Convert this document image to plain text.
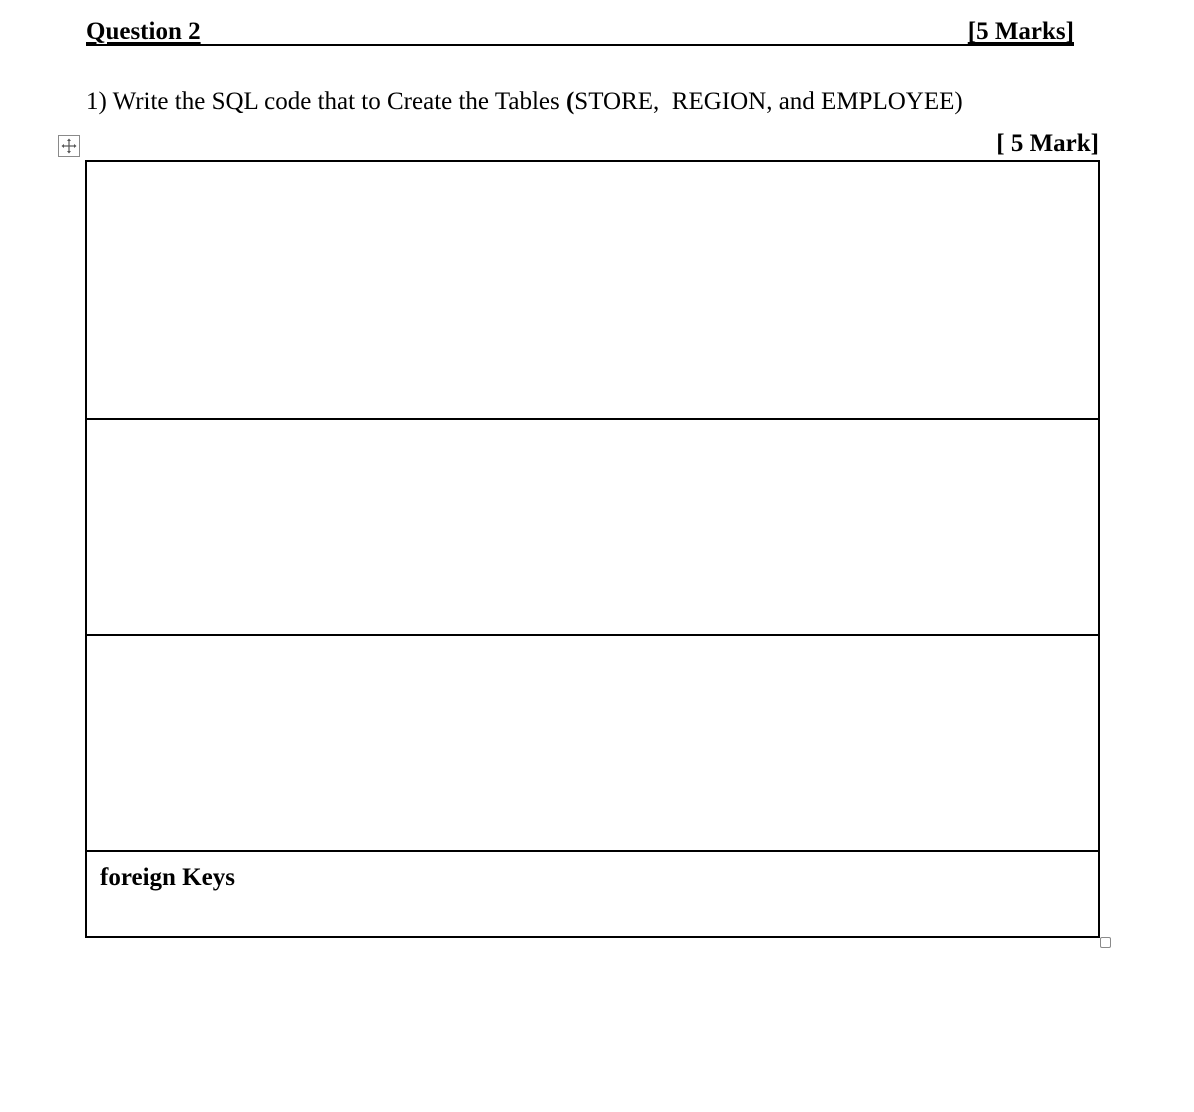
Question 2	[5 Marks]
1) Write the SQL code that to Create the Tables (STORE,  REGION, and EMPLOYEE)
[ 5 Mark]

foreign Keys
